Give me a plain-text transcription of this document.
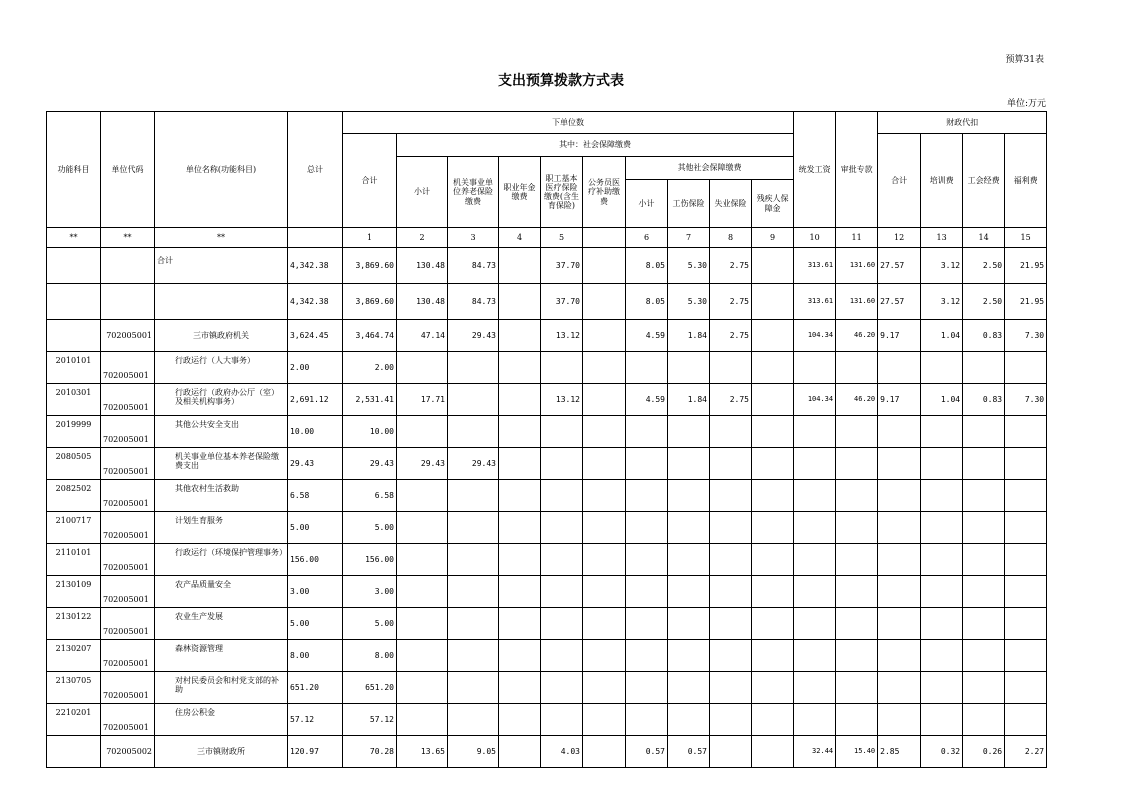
预算31表
支出预算拨款方式表
单位:万元
功能科目	单位代码	单位名称(功能科目)	总计	下单位数										统发工资	审批专款	财政代扣			
				合计	其中：社会保障缴费											合计	培训费	工会经费	福利费
					小计	机关事业单位养老保险缴费	职业年金缴费	职工基本医疗保险缴费(含生育保险)	公务员医疗补助缴费	其他社会保障缴费									
										小计	工伤保险	失业保险	残疾人保障金						
**	**	**		1	2	3	4	5		6	7	8	9	10	11	12	13	14	15
		合计	4,342.38	3,869.60	130.48	84.73		37.70		8.05	5.30	2.75		313.61	131.60	27.57	3.12	2.50	21.95
			4,342.38	3,869.60	130.48	84.73		37.70		8.05	5.30	2.75		313.61	131.60	27.57	3.12	2.50	21.95
	702005001	三市镇政府机关	3,624.45	3,464.74	47.14	29.43		13.12		4.59	1.84	2.75		104.34	46.20	9.17	1.04	0.83	7.30
2010101	702005001	行政运行（人大事务）	2.00	2.00															
2010301	702005001	行政运行（政府办公厅（室）及相关机构事务）	2,691.12	2,531.41	17.71			13.12		4.59	1.84	2.75		104.34	46.20	9.17	1.04	0.83	7.30
2019999	702005001	其他公共安全支出	10.00	10.00															
2080505	702005001	机关事业单位基本养老保险缴费支出	29.43	29.43	29.43	29.43													
2082502	702005001	其他农村生活救助	6.58	6.58															
2100717	702005001	计划生育服务	5.00	5.00															
2110101	702005001	行政运行（环境保护管理事务）	156.00	156.00															
2130109	702005001	农产品质量安全	3.00	3.00															
2130122	702005001	农业生产发展	5.00	5.00															
2130207	702005001	森林资源管理	8.00	8.00															
2130705	702005001	对村民委员会和村党支部的补助	651.20	651.20															
2210201	702005001	住房公积金	57.12	57.12															
	702005002	三市镇财政所	120.97	70.28	13.65	9.05		4.03		0.57	0.57			32.44	15.40	2.85	0.32	0.26	2.27
